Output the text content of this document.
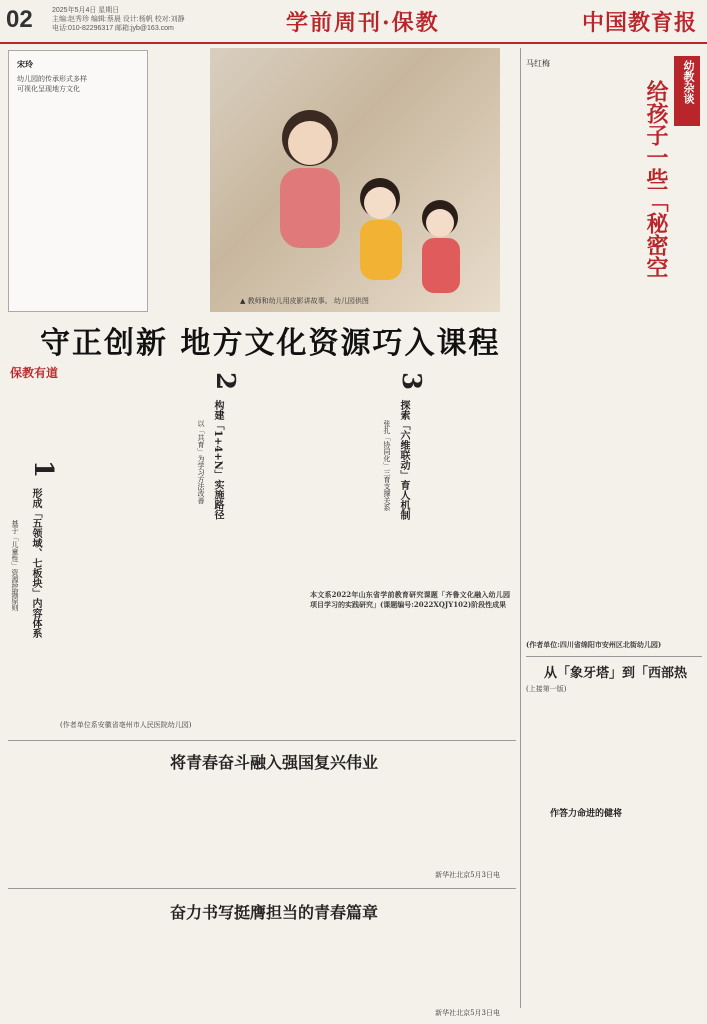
02	2025年5月4日 星期日
主编:赵秀珍 编辑:蔡晨 设计:杨帆 校对:刘静
电话:010-82296317 邮箱:jyb@163.com	学前周刊·保教	中国教育报
宋玲
幼儿园的传承形式多样
可视化呈现地方文化
▲ 教师和幼儿用皮影讲故事。 幼儿园供图
守正创新 地方文化资源巧入课程
保教有道
1
形成「五领域、七板块」内容体系
基于「儿童性」资源挖掘原则
2
构建「1+4+N」实施路径
以「共育」为学习方法改善
3
探索「六维联动」育人机制
张扎「协同化」三育支撑关系
(作者单位系安徽省亳州市人民医院幼儿园)
本文系2022年山东省学前教育研究课题「齐鲁文化融入幼儿园项目学习的实践研究」(课题编号:2022XQJY102)阶段性成果
将青春奋斗融入强国复兴伟业
新华社北京5月3日电
奋力书写挺膺担当的青春篇章
新华社北京5月3日电
马红梅	幼教杂谈
给孩子一些「秘密空
(作者单位:四川省绵阳市安州区北街幼儿园)
从「象牙塔」到「西部热
(上接第一版)
作答力命进的健将
